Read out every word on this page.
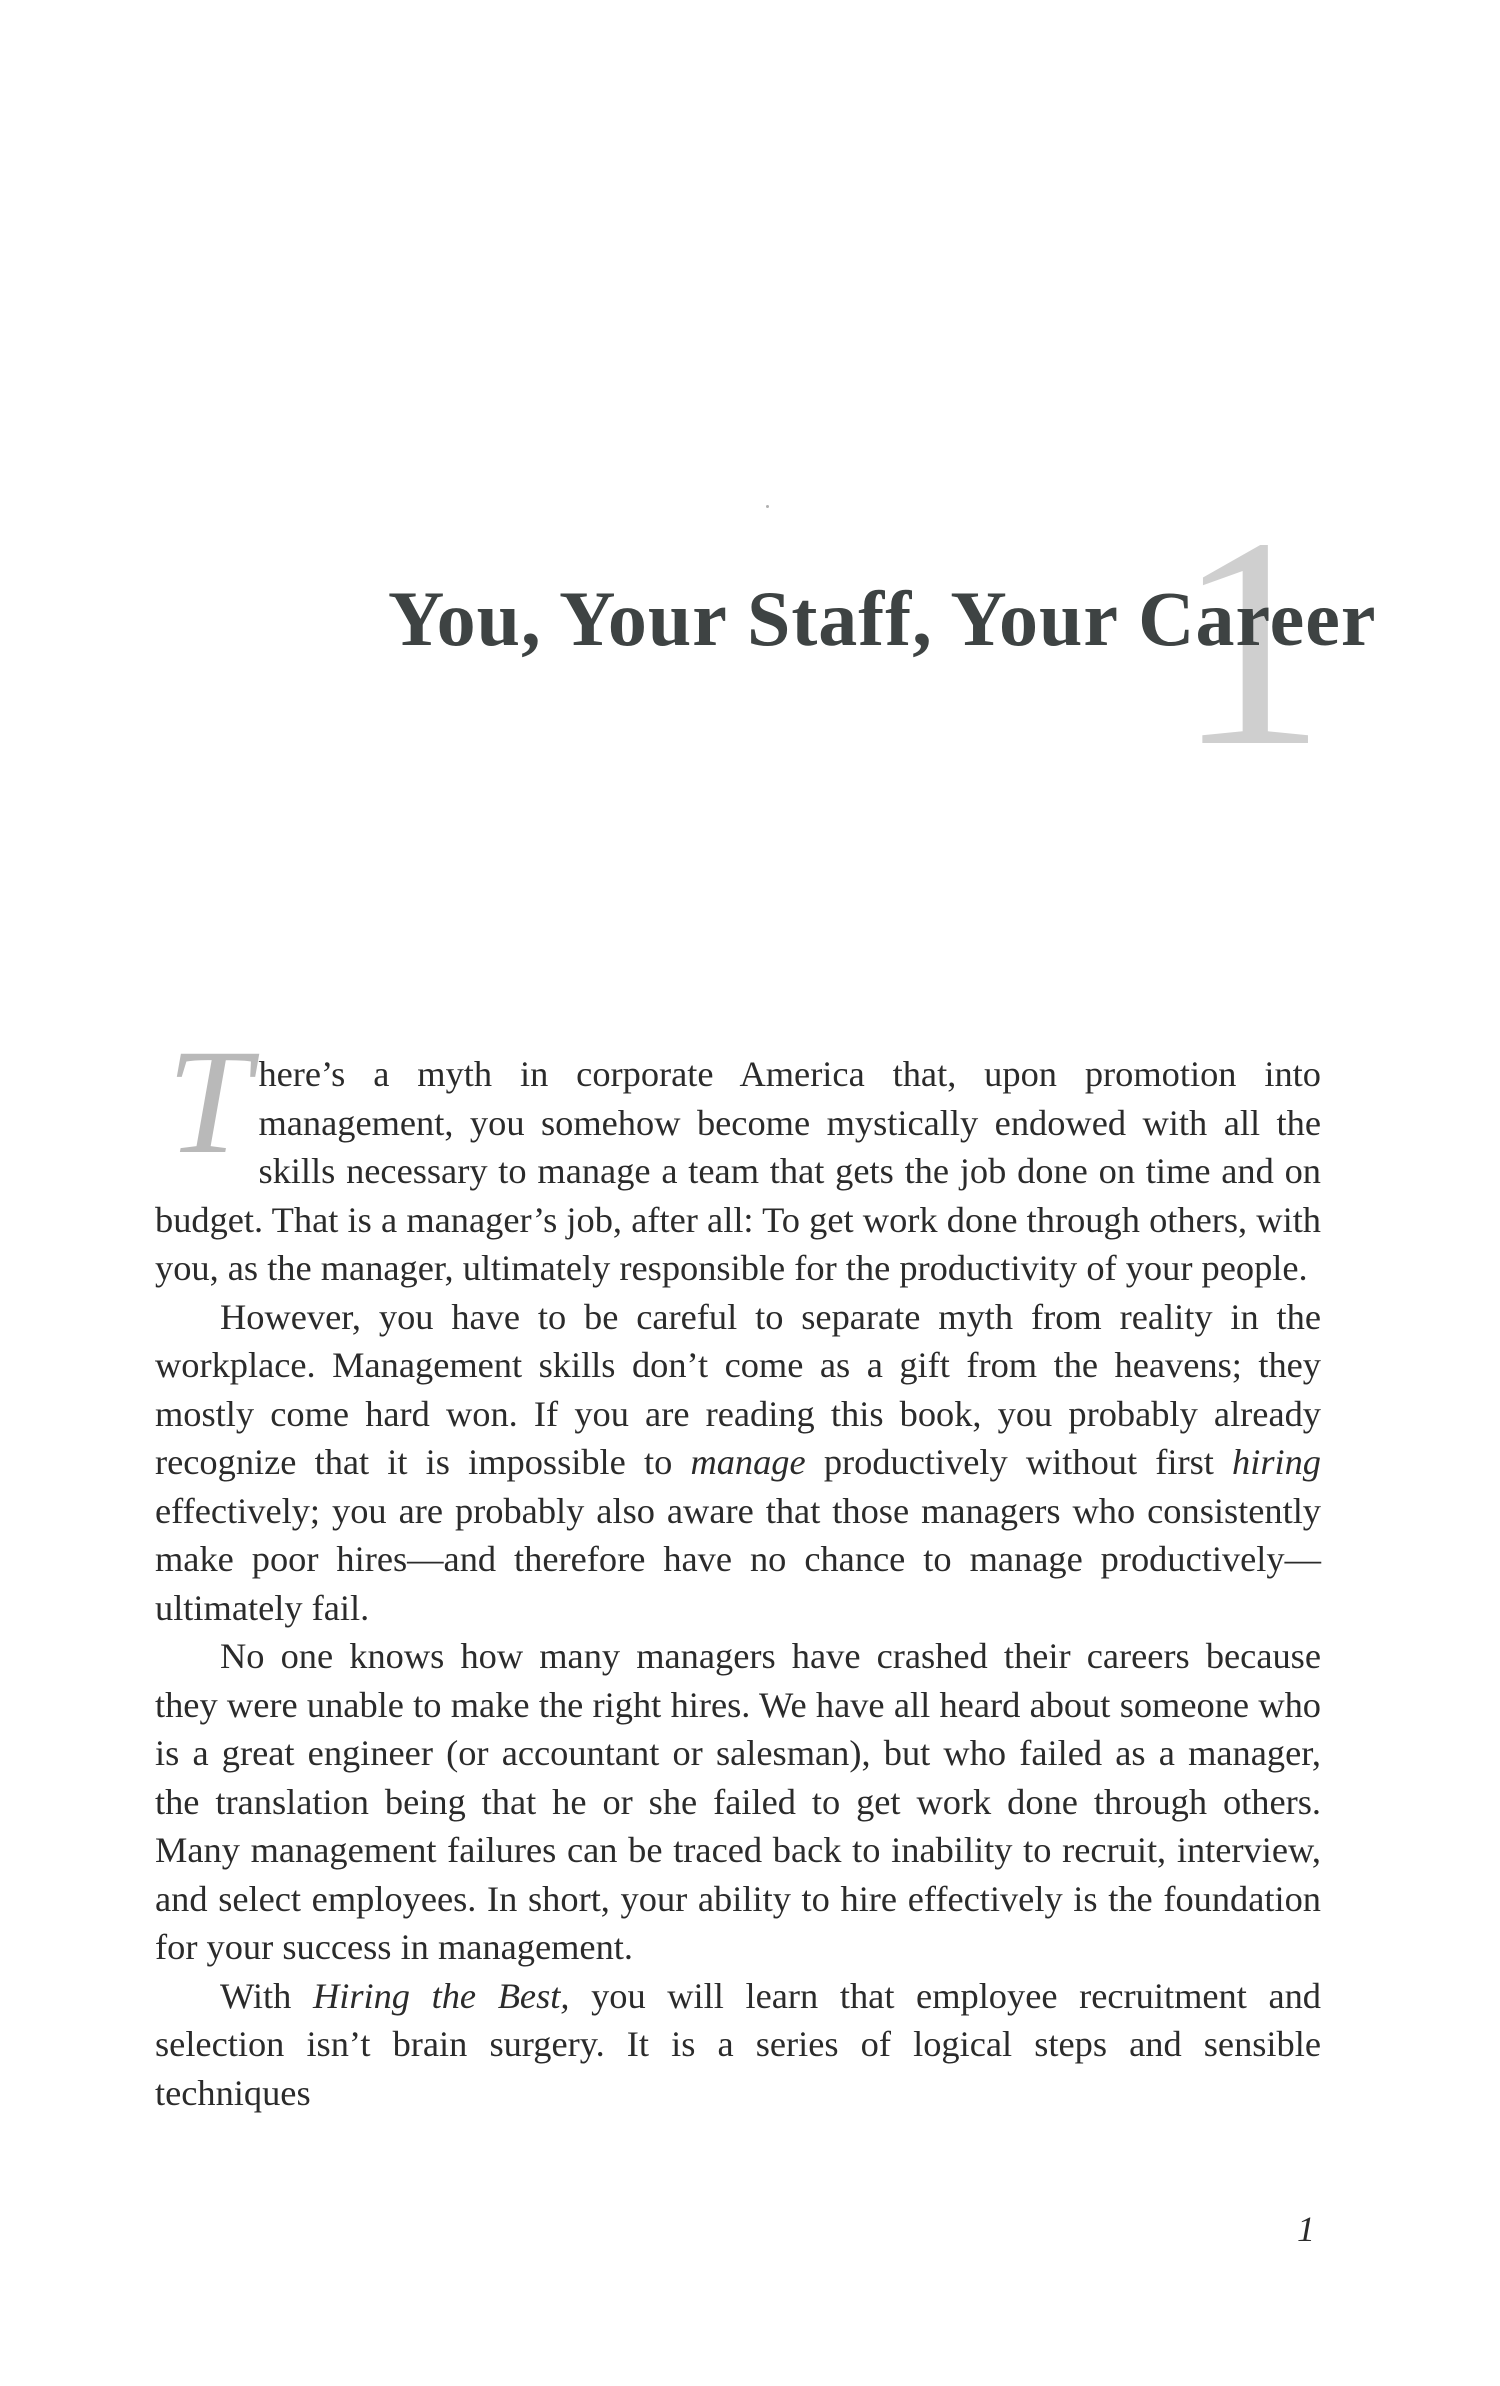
1
You, Your Staff, Your Career

There’s a myth in corporate America that, upon promotion into management, you somehow become mystically endowed with all the skills necessary to manage a team that gets the job done on time and on budget. That is a manager’s job, after all: To get work done through others, with you, as the manager, ultimately responsible for the productivity of your people.

However, you have to be careful to separate myth from reality in the workplace. Management skills don’t come as a gift from the heavens; they mostly come hard won. If you are reading this book, you probably already recognize that it is impossible to manage productively without first hiring effectively; you are probably also aware that those managers who consistently make poor hires—and therefore have no chance to manage productively—ultimately fail.

No one knows how many managers have crashed their careers because they were unable to make the right hires. We have all heard about someone who is a great engineer (or accountant or salesman), but who failed as a manager, the translation being that he or she failed to get work done through others. Many management failures can be traced back to inability to recruit, interview, and select employees. In short, your ability to hire effectively is the foundation for your success in management.

With Hiring the Best, you will learn that employee recruitment and selection isn’t brain surgery. It is a series of logical steps and sensible techniques

1
